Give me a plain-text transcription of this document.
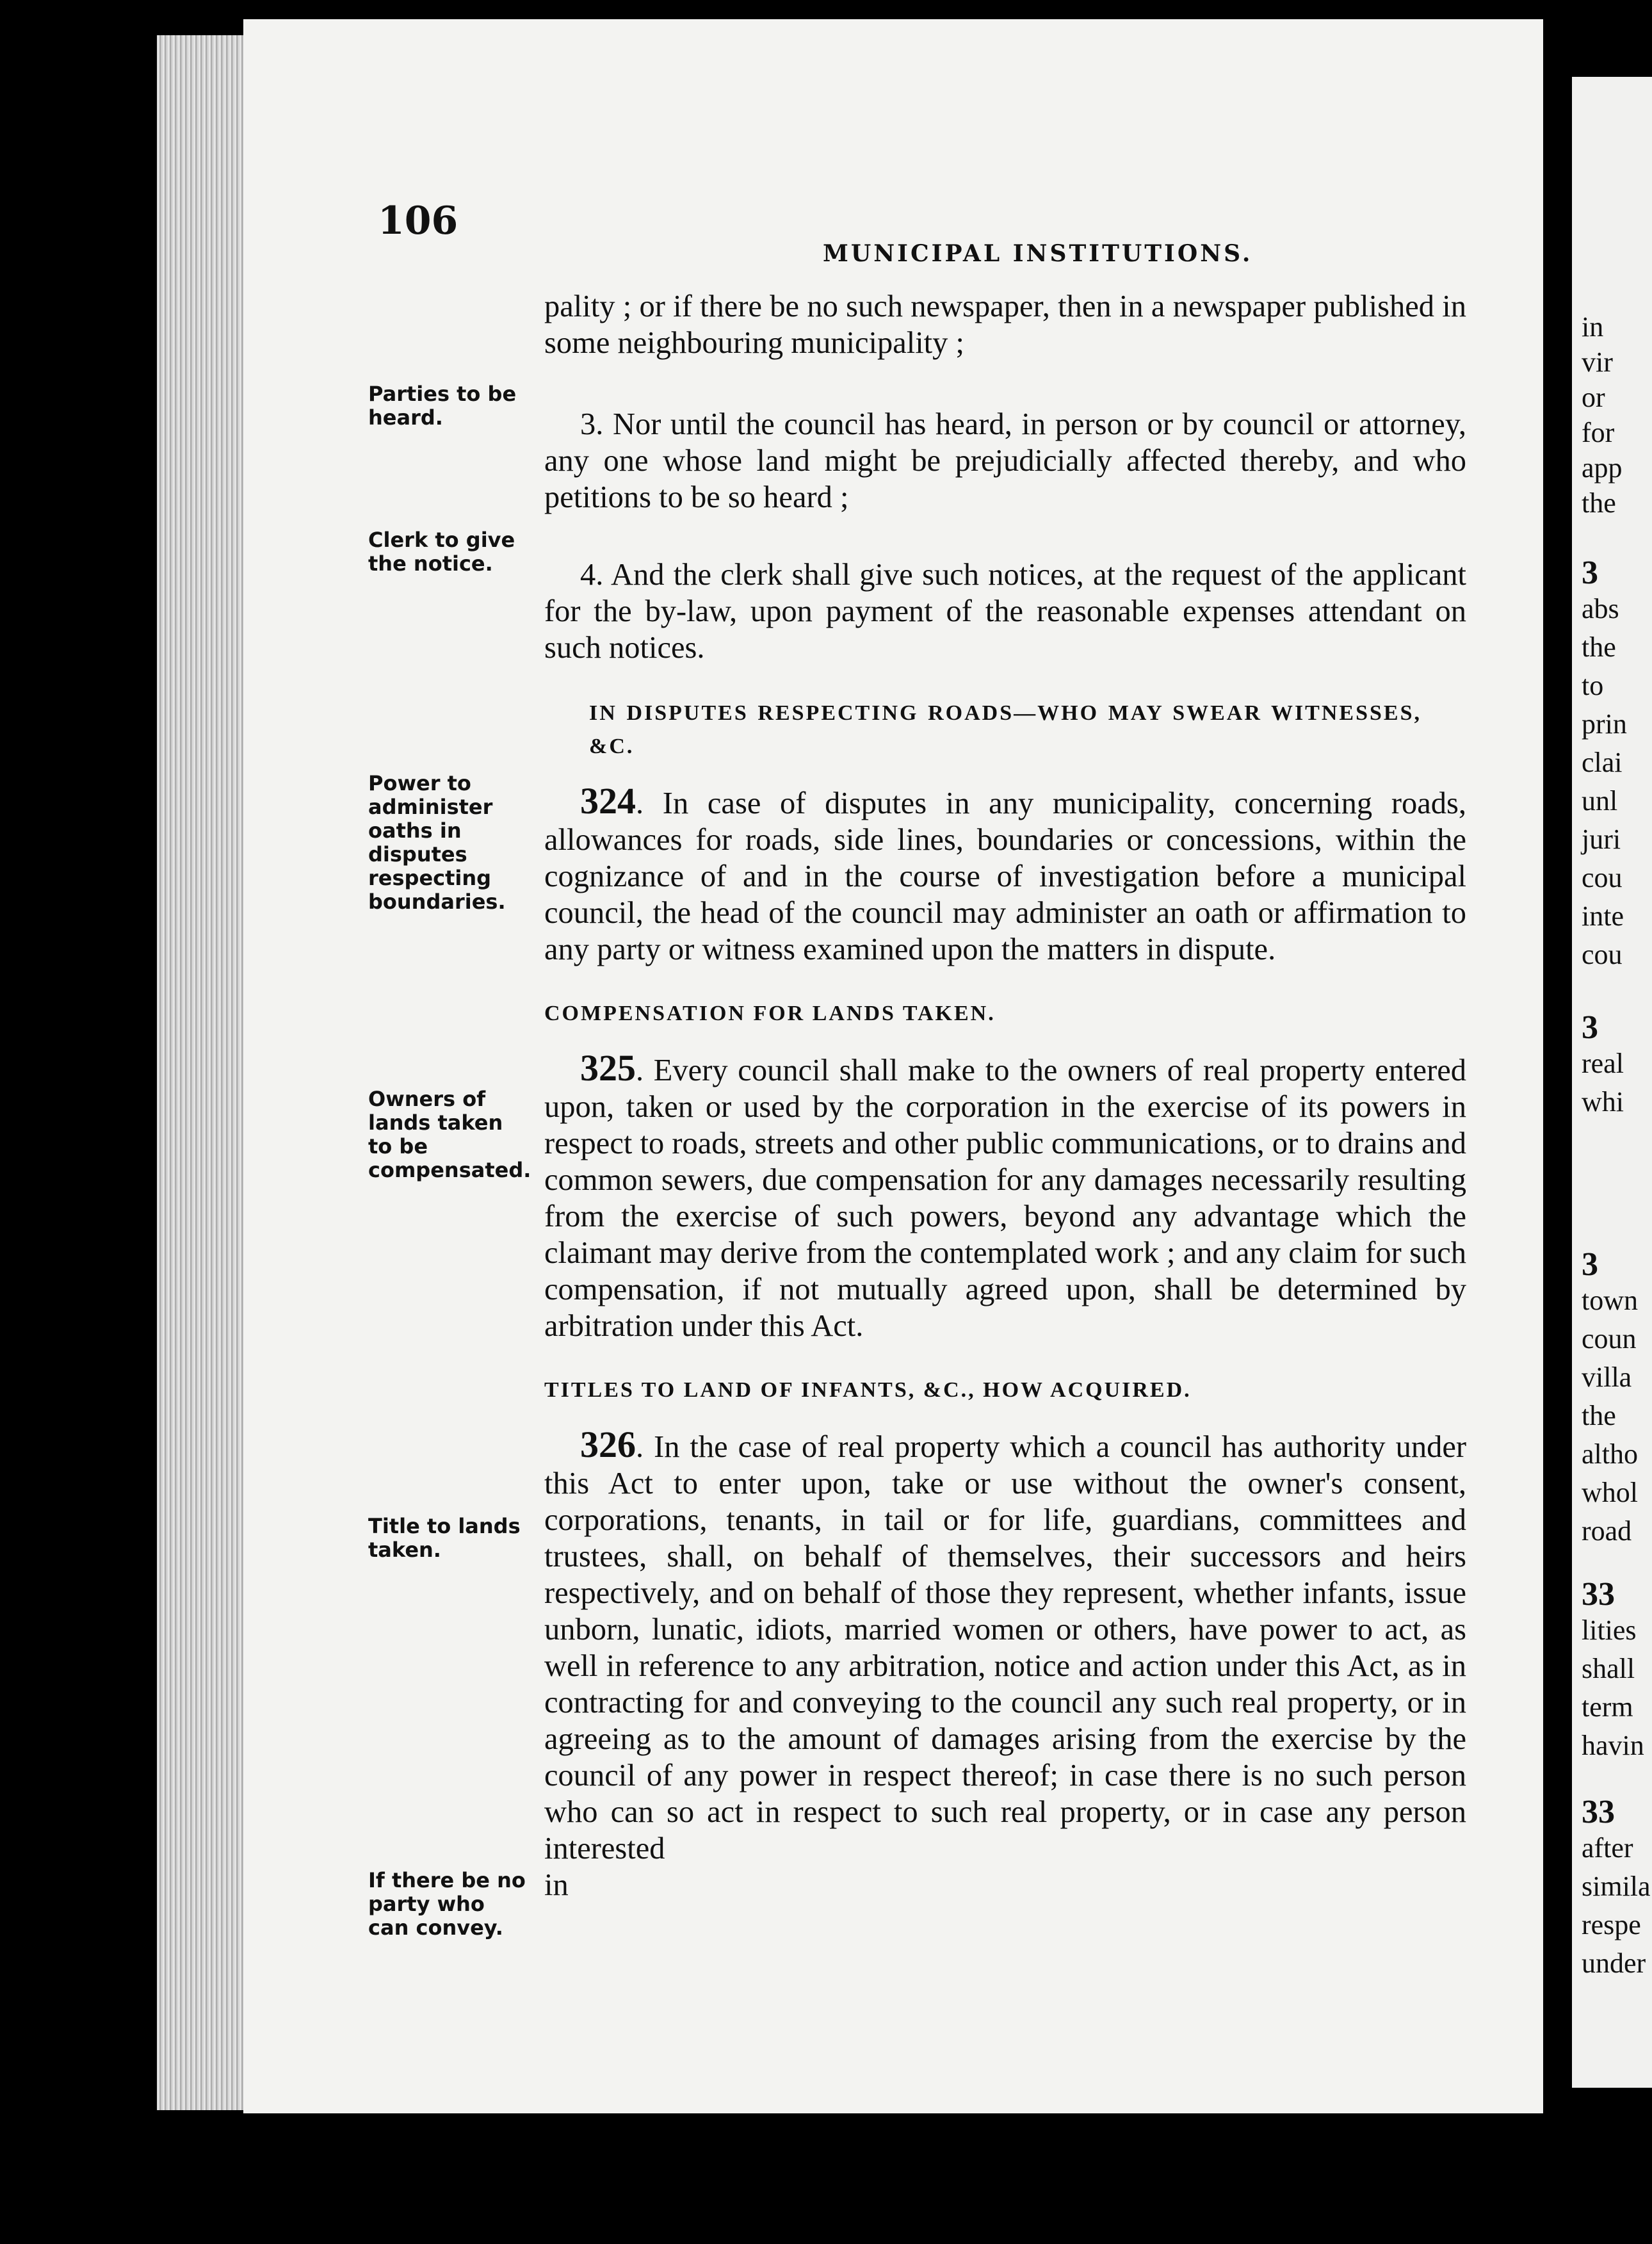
106
MUNICIPAL INSTITUTIONS.
Parties to be heard.
Clerk to give the notice.
Power to administer oaths in disputes respecting boundaries.
Owners of lands taken to be compensated.
Title to lands taken.
If there be no party who can convey.

pality ; or if there be no such newspaper, then in a newspaper published in some neighbouring municipality ;

3. Nor until the council has heard, in person or by council or attorney, any one whose land might be prejudicially affected thereby, and who petitions to be so heard ;

4. And the clerk shall give such notices, at the request of the applicant for the by-law, upon payment of the reasonable expenses attendant on such notices.

IN DISPUTES RESPECTING ROADS—WHO MAY SWEAR WITNESSES, &C.

324. In case of disputes in any municipality, concerning roads, allowances for roads, side lines, boundaries or concessions, within the cognizance of and in the course of investigation before a municipal council, the head of the council may administer an oath or affirmation to any party or witness examined upon the matters in dispute.

COMPENSATION FOR LANDS TAKEN.

325. Every council shall make to the owners of real property entered upon, taken or used by the corporation in the exercise of its powers in respect to roads, streets and other public communications, or to drains and common sewers, due compensation for any damages necessarily resulting from the exercise of such powers, beyond any advantage which the claimant may derive from the contemplated work ; and any claim for such compensation, if not mutually agreed upon, shall be determined by arbitration under this Act.

TITLES TO LAND OF INFANTS, &C., HOW ACQUIRED.

326. In the case of real property which a council has authority under this Act to enter upon, take or use without the owner's consent, corporations, tenants, in tail or for life, guardians, committees and trustees, shall, on behalf of themselves, their successors and heirs respectively, and on behalf of those they represent, whether infants, issue unborn, lunatic, idiots, married women or others, have power to act, as well in reference to any arbitration, notice and action under this Act, as in contracting for and conveying to the council any such real property, or in agreeing as to the amount of damages arising from the exercise by the council of any power in respect thereof; in case there is no such person who can so act in respect to such real property, or in case any person interested

in

in
vir
or
for
app
the
3
abs
the
to
prin
clai
unl
juri
cou
inte
cou
3
real
whi
3
town
coun
villa
the
altho
whol
road
33
lities
shall
term
havin
33
after
simila
respe
under
